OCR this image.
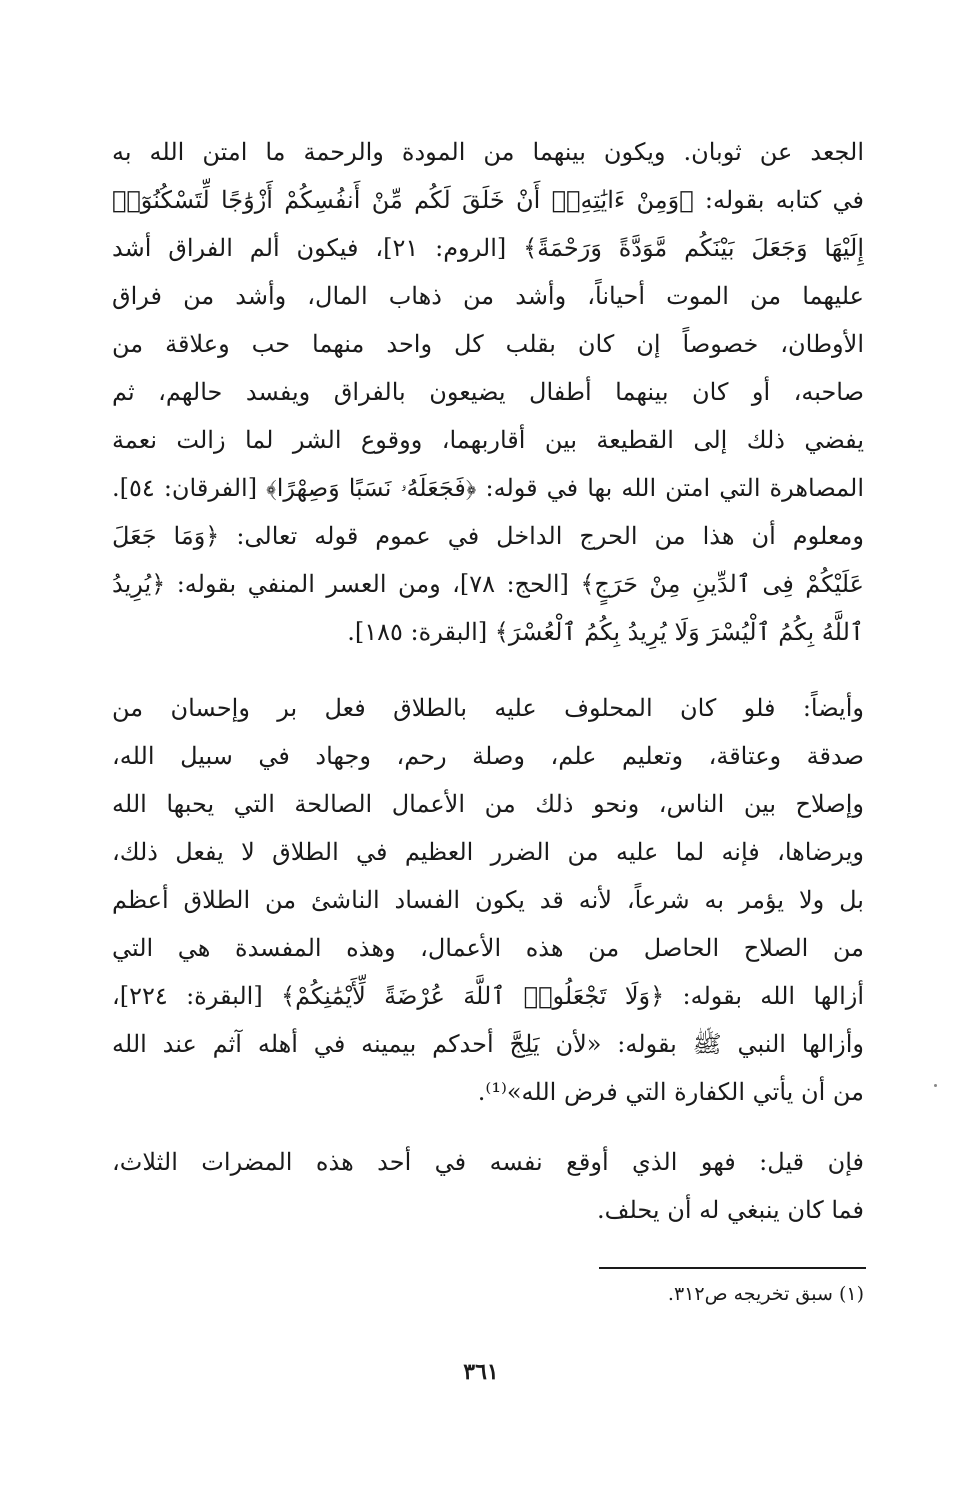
الجعد عن ثوبان. ويكون بينهما من المودة والرحمة ما امتن الله به
في كتابه بقوله: ﴿وَمِنْ ءَايَٰتِهِۦٓ أَنْ خَلَقَ لَكُم مِّنْ أَنفُسِكُمْ أَزْوَٰجًا لِّتَسْكُنُوٓا۟
إِلَيْهَا وَجَعَلَ بَيْنَكُم مَّوَدَّةً وَرَحْمَةً﴾ [الروم: ٢١]، فيكون ألم الفراق أشد
عليهما من الموت أحياناً، وأشد من ذهاب المال، وأشد من فراق
الأوطان، خصوصاً إن كان بقلب كل واحد منهما حب وعلاقة من
صاحبه، أو كان بينهما أطفال يضيعون بالفراق ويفسد حالهم، ثم
يفضي ذلك إلى القطيعة بين أقاربهما، ووقوع الشر لما زالت نعمة
المصاهرة التي امتن الله بها في قوله: ﴿فَجَعَلَهُۥ نَسَبًا وَصِهْرًا﴾ [الفرقان: ٥٤].
ومعلوم أن هذا من الحرج الداخل في عموم قوله تعالى: ﴿وَمَا جَعَلَ
عَلَيْكُمْ فِى ٱلدِّينِ مِنْ حَرَجٍ﴾ [الحج: ٧٨]، ومن العسر المنفي بقوله: ﴿يُرِيدُ
ٱللَّهُ بِكُمُ ٱلْيُسْرَ وَلَا يُرِيدُ بِكُمُ ٱلْعُسْرَ﴾ [البقرة: ١٨٥].
وأيضاً: فلو كان المحلوف عليه بالطلاق فعل بر وإحسان من
صدقة وعتاقة، وتعليم علم، وصلة رحم، وجهاد في سبيل الله،
وإصلاح بين الناس، ونحو ذلك من الأعمال الصالحة التي يحبها الله
ويرضاها، فإنه لما عليه من الضرر العظيم في الطلاق لا يفعل ذلك،
بل ولا يؤمر به شرعاً، لأنه قد يكون الفساد الناشئ من الطلاق أعظم
من الصلاح الحاصل من هذه الأعمال، وهذه المفسدة هي التي
أزالها الله بقوله: ﴿وَلَا تَجْعَلُوا۟ ٱللَّهَ عُرْضَةً لِّأَيْمَٰنِكُمْ﴾ [البقرة: ٢٢٤]،
وأزالها النبي ﷺ بقوله: «لأن يَلِجَّ أحدكم بيمينه في أهله آثم عند الله
من أن يأتي الكفارة التي فرض الله»⁽¹⁾.
فإن قيل: فهو الذي أوقع نفسه في أحد هذه المضرات الثلاث،
فما كان ينبغي له أن يحلف.
(١) سبق تخريجه ص٣١٢.
٣٦١
